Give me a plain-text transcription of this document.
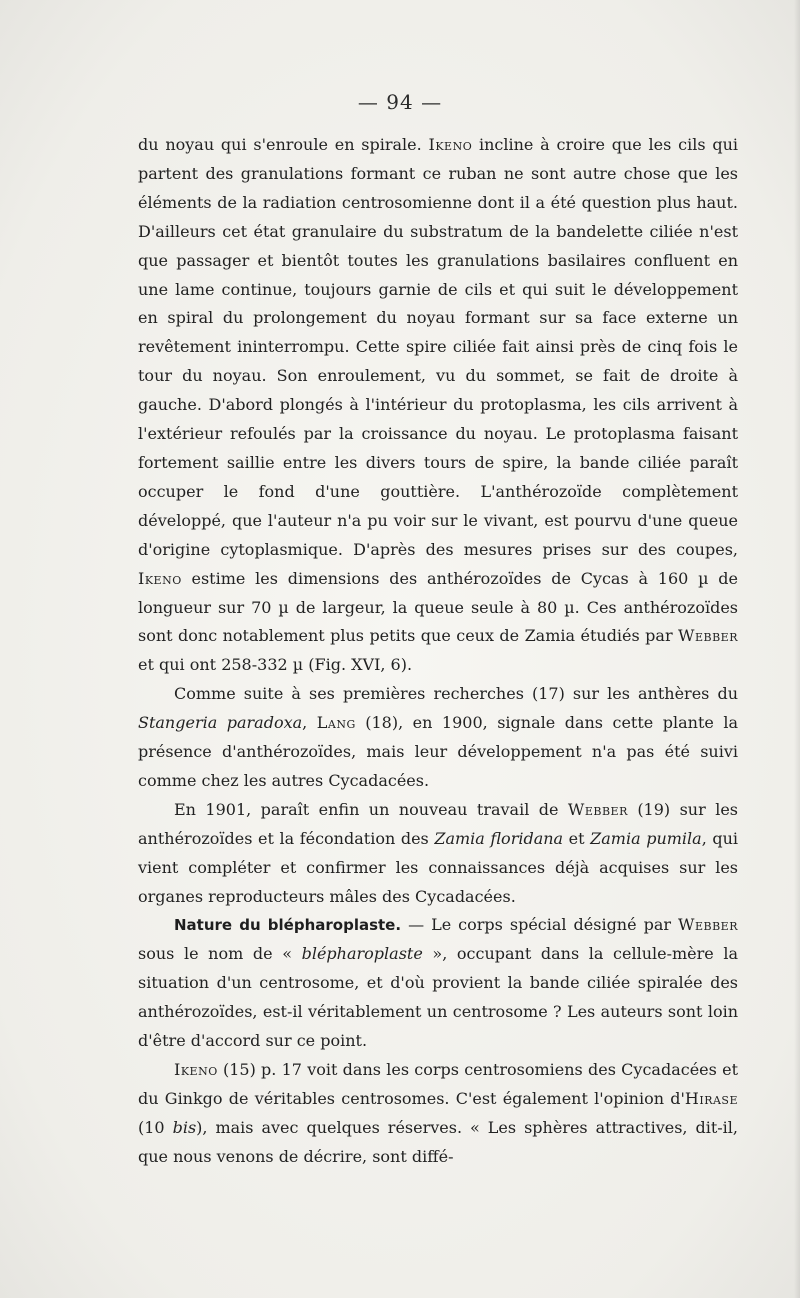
— 94 —

du noyau qui s'enroule en spirale. Ikeno incline à croire que les cils qui partent des granulations formant ce ruban ne sont autre chose que les éléments de la radiation centrosomienne dont il a été question plus haut. D'ailleurs cet état granulaire du substratum de la bandelette ciliée n'est que passager et bientôt toutes les granulations basilaires confluent en une lame continue, toujours garnie de cils et qui suit le développement en spiral du prolongement du noyau formant sur sa face externe un revêtement ininterrompu. Cette spire ciliée fait ainsi près de cinq fois le tour du noyau. Son enroulement, vu du sommet, se fait de droite à gauche. D'abord plongés à l'intérieur du protoplasma, les cils arrivent à l'extérieur refoulés par la croissance du noyau. Le protoplasma faisant fortement saillie entre les divers tours de spire, la bande ciliée paraît occuper le fond d'une gouttière. L'anthérozoïde complètement développé, que l'auteur n'a pu voir sur le vivant, est pourvu d'une queue d'origine cytoplasmique. D'après des mesures prises sur des coupes, Ikeno estime les dimensions des anthérozoïdes de Cycas à 160 µ de longueur sur 70 µ de largeur, la queue seule à 80 µ. Ces anthérozoïdes sont donc notablement plus petits que ceux de Zamia étudiés par Webber et qui ont 258-332 µ (Fig. XVI, 6).

Comme suite à ses premières recherches (17) sur les anthères du Stangeria paradoxa, Lang (18), en 1900, signale dans cette plante la présence d'anthérozoïdes, mais leur développement n'a pas été suivi comme chez les autres Cycadacées.

En 1901, paraît enfin un nouveau travail de Webber (19) sur les anthérozoïdes et la fécondation des Zamia floridana et Zamia pumila, qui vient compléter et confirmer les connaissances déjà acquises sur les organes reproducteurs mâles des Cycadacées.

Nature du blépharoplaste. — Le corps spécial désigné par Webber sous le nom de « blépharoplaste », occupant dans la cellule-mère la situation d'un centrosome, et d'où provient la bande ciliée spiralée des anthérozoïdes, est-il véritablement un centrosome ? Les auteurs sont loin d'être d'accord sur ce point.

Ikeno (15) p. 17 voit dans les corps centrosomiens des Cycadacées et du Ginkgo de véritables centrosomes. C'est également l'opinion d'Hirase (10 bis), mais avec quelques réserves. « Les sphères attractives, dit-il, que nous venons de décrire, sont diffé-
